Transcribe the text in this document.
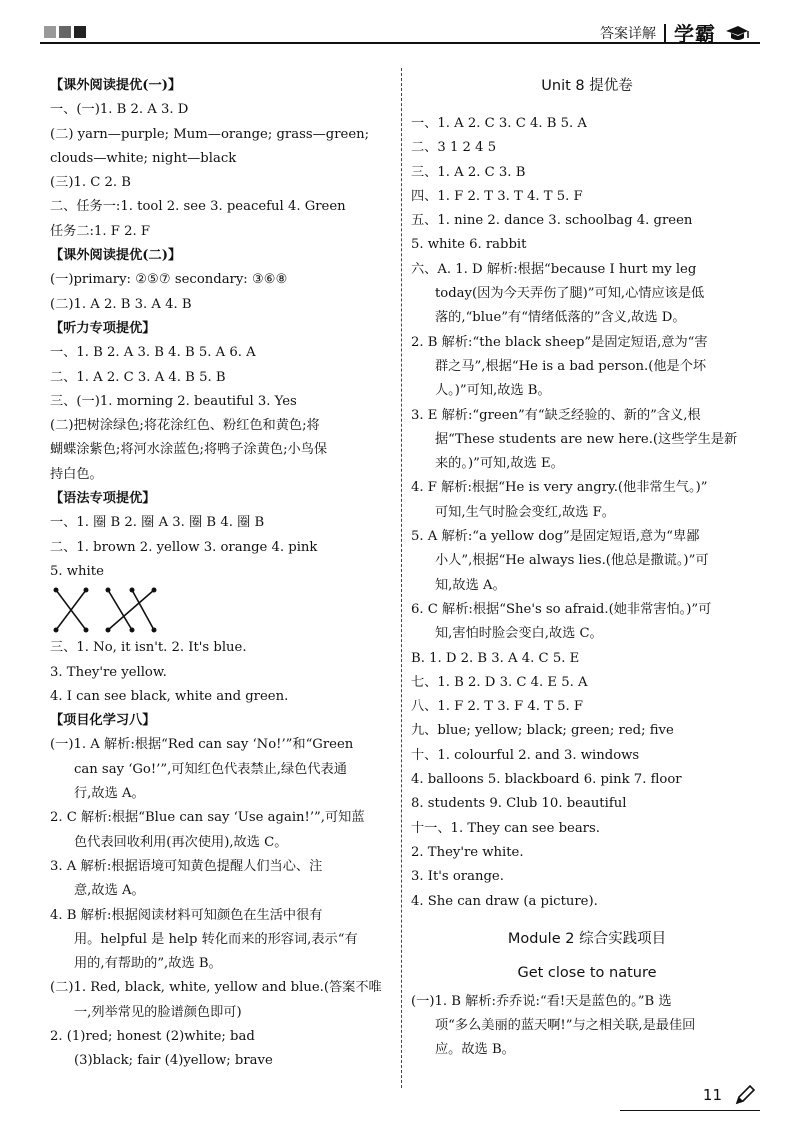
答案详解 学霸
【课外阅读提优(一)】
一、(一)1. B 2. A 3. D
(二) yarn—purple; Mum—orange; grass—green;
clouds—white; night—black
(三)1. C 2. B
二、任务一:1. tool 2. see 3. peaceful 4. Green
任务二:1. F 2. F
【课外阅读提优(二)】
(一)primary: ②⑤⑦ secondary: ③⑥⑧
(二)1. A 2. B 3. A 4. B
【听力专项提优】
一、1. B 2. A 3. B 4. B 5. A 6. A
二、1. A 2. C 3. A 4. B 5. B
三、(一)1. morning 2. beautiful 3. Yes
(二)把树涂绿色;将花涂红色、粉红色和黄色;将
蝴蝶涂紫色;将河水涂蓝色;将鸭子涂黄色;小鸟保
持白色。
【语法专项提优】
一、1. 圈 B 2. 圈 A 3. 圈 B 4. 圈 B
二、1. brown 2. yellow 3. orange 4. pink
5. white
三、1. No, it isn't. 2. It's blue.
3. They're yellow.
4. I can see black, white and green.
【项目化学习八】
(一)1. A 解析:根据“Red can say ‘No!’”和“Green
can say ‘Go!’”,可知红色代表禁止,绿色代表通
行,故选 A。
2. C 解析:根据“Blue can say ‘Use again!’”,可知蓝
色代表回收利用(再次使用),故选 C。
3. A 解析:根据语境可知黄色提醒人们当心、注
意,故选 A。
4. B 解析:根据阅读材料可知颜色在生活中很有
用。helpful 是 help 转化而来的形容词,表示“有
用的,有帮助的”,故选 B。
(二)1. Red, black, white, yellow and blue.(答案不唯
一,列举常见的脸谱颜色即可)
2. (1)red; honest (2)white; bad
(3)black; fair (4)yellow; brave
Unit 8 提优卷
一、1. A 2. C 3. C 4. B 5. A
二、3 1 2 4 5
三、1. A 2. C 3. B
四、1. F 2. T 3. T 4. T 5. F
五、1. nine 2. dance 3. schoolbag 4. green
5. white 6. rabbit
六、A. 1. D 解析:根据“because I hurt my leg
today(因为今天弄伤了腿)”可知,心情应该是低
落的,“blue”有“情绪低落的”含义,故选 D。
2. B 解析:“the black sheep”是固定短语,意为“害
群之马”,根据“He is a bad person.(他是个坏
人。)”可知,故选 B。
3. E 解析:“green”有“缺乏经验的、新的”含义,根
据“These students are new here.(这些学生是新
来的。)”可知,故选 E。
4. F 解析:根据“He is very angry.(他非常生气。)”
可知,生气时脸会变红,故选 F。
5. A 解析:“a yellow dog”是固定短语,意为“卑鄙
小人”,根据“He always lies.(他总是撒谎。)”可
知,故选 A。
6. C 解析:根据“She's so afraid.(她非常害怕。)”可
知,害怕时脸会变白,故选 C。
B. 1. D 2. B 3. A 4. C 5. E
七、1. B 2. D 3. C 4. E 5. A
八、1. F 2. T 3. F 4. T 5. F
九、blue; yellow; black; green; red; five
十、1. colourful 2. and 3. windows
4. balloons 5. blackboard 6. pink 7. floor
8. students 9. Club 10. beautiful
十一、1. They can see bears.
2. They're white.
3. It's orange.
4. She can draw (a picture).
Module 2 综合实践项目
Get close to nature
(一)1. B 解析:乔乔说:“看!天是蓝色的。”B 选
项“多么美丽的蓝天啊!”与之相关联,是最佳回
应。故选 B。
11
